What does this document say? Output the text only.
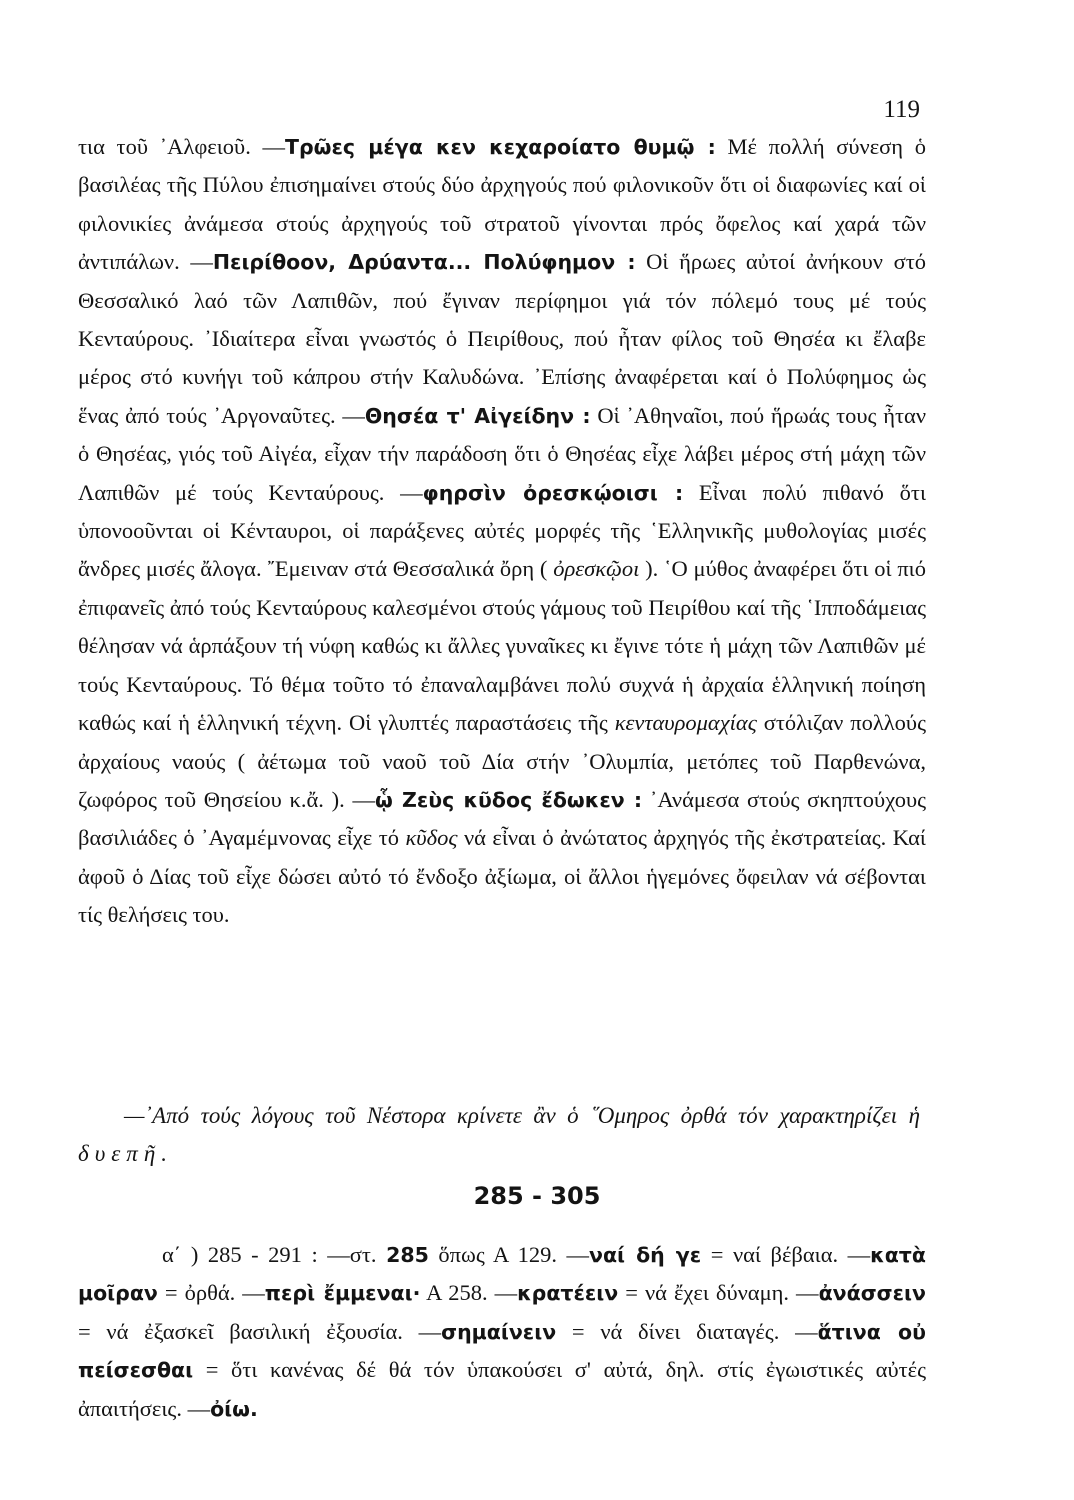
119

τια τοῦ ᾿Αλφειοῦ. —Τρῶες μέγα κεν κεχαροίατο θυμῷ : Μέ πολλή σύνεση ὁ βασιλέας τῆς Πύλου ἐπισημαίνει στούς δύο ἀρχηγούς πού φιλονικοῦν ὅτι οἱ διαφωνίες καί οἱ φιλονικίες ἀνάμεσα στούς ἀρχηγούς τοῦ στρατοῦ γίνονται πρός ὄφελος καί χαρά τῶν ἀντιπάλων. —Πειρίθοον, Δρύαντα... Πολύφημον : Οἱ ἥρωες αὐτοί ἀνήκουν στό Θεσσαλικό λαό τῶν Λαπιθῶν, πού ἔγιναν περίφημοι γιά τόν πόλεμό τους μέ τούς Κενταύρους. ᾿Ιδιαίτερα εἶναι γνωστός ὁ Πειρίθους, πού ἦταν φίλος τοῦ Θησέα κι ἔλαβε μέρος στό κυνήγι τοῦ κάπρου στήν Καλυδώνα. ᾿Επίσης ἀναφέρεται καί ὁ Πολύφημος ὡς ἕνας ἀπό τούς ᾿Αργοναῦτες. —Θησέα τ' Αἰγείδην : Οἱ ᾿Αθηναῖοι, πού ἥρωάς τους ἦταν ὁ Θησέας, γιός τοῦ Αἰγέα, εἶχαν τήν παράδοση ὅτι ὁ Θησέας εἶχε λάβει μέρος στή μάχη τῶν Λαπιθῶν μέ τούς Κενταύρους. —φηρσὶν ὀρεσκῴοισι : Εἶναι πολύ πιθανό ὅτι ὑπονοοῦνται οἱ Κένταυροι, οἱ παράξενες αὐτές μορφές τῆς ῾Ελληνικῆς μυθολογίας μισές ἄνδρες μισές ἄλογα. ῎Εμειναν στά Θεσσαλικά ὄρη ( ὀρεσκῷοι ). ῾Ο μύθος ἀναφέρει ὅτι οἱ πιό ἐπιφανεῖς ἀπό τούς Κενταύρους καλεσμένοι στούς γάμους τοῦ Πειρίθου καί τῆς ῾Ιπποδάμειας θέλησαν νά ἁρπάξουν τή νύφη καθώς κι ἄλλες γυναῖκες κι ἔγινε τότε ἡ μάχη τῶν Λαπιθῶν μέ τούς Κενταύρους. Τό θέμα τοῦτο τό ἐπαναλαμβάνει πολύ συχνά ἡ ἀρχαία ἑλληνική ποίηση καθώς καί ἡ ἑλληνική τέχνη. Οἱ γλυπτές παραστάσεις τῆς κενταυρομαχίας στόλιζαν πολλούς ἀρχαίους ναούς ( ἀέτωμα τοῦ ναοῦ τοῦ Δία στήν ᾿Ολυμπία, μετόπες τοῦ Παρθενώνα, ζωφόρος τοῦ Θησείου κ.ἄ. ). —ᾧ Ζεὺς κῦδος ἔδωκεν : ᾿Ανάμεσα στούς σκηπτούχους βασιλιάδες ὁ ᾿Αγαμέμνονας εἶχε τό κῦδος νά εἶναι ὁ ἀνώτατος ἀρχηγός τῆς ἐκστρατείας. Καί ἀφοῦ ὁ Δίας τοῦ εἶχε δώσει αὐτό τό ἔνδοξο ἀξίωμα, οἱ ἄλλοι ἡγεμόνες ὄφειλαν νά σέβονται τίς θελήσεις του.

—᾿Από τούς λόγους τοῦ Νέστορα κρίνετε ἂν ὁ ῞Ομηρος ὀρθά τόν χαρακτηρίζει ἡ δυεπῆ.
285 - 305
α΄ ) 285 - 291 : —στ. 285 ὅπως Α 129. —ναί δή γε = ναί βέβαια. —κατὰ μοῖραν = ὀρθά. —περὶ ἔμμεναι· Α 258. —κρατέειν = νά ἔχει δύναμη. —ἀνάσσειν = νά ἐξασκεῖ βασιλική ἐξουσία. —σημαίνειν = νά δίνει διαταγές. —ἅτινα οὐ πείσεσθαι = ὅτι κανένας δέ θά τόν ὑπακούσει σ' αὐτά, δηλ. στίς ἐγωιστικές αὐτές ἀπαιτήσεις. —ὀίω.
